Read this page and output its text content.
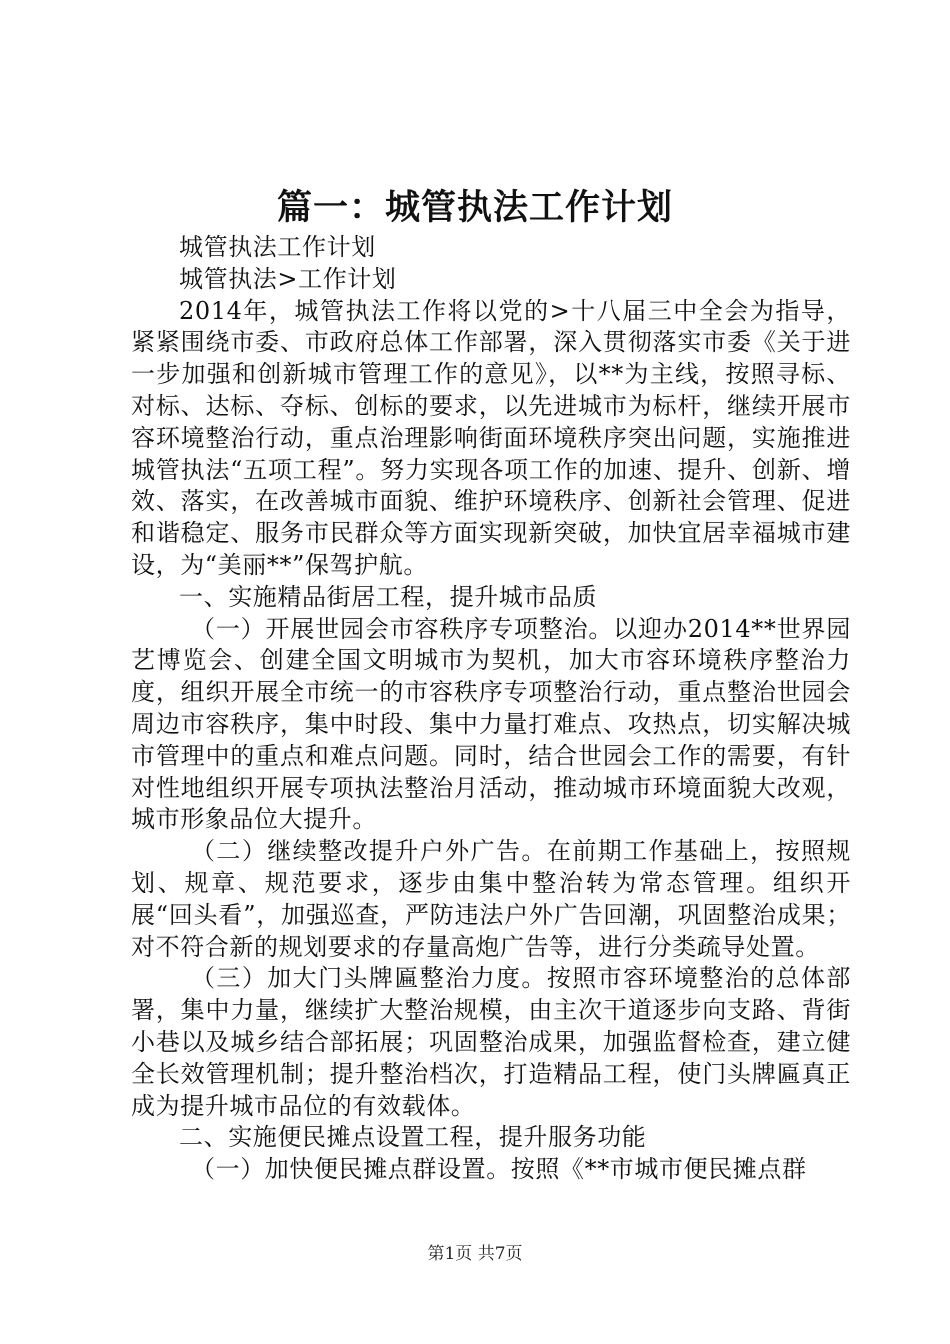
篇一：城管执法工作计划

城管执法工作计划

城管执法>工作计划

2014年，城管执法工作将以党的>十八届三中全会为指导，紧紧围绕市委、市政府总体工作部署，深入贯彻落实市委《关于进一步加强和创新城市管理工作的意见》，以**为主线，按照寻标、对标、达标、夺标、创标的要求，以先进城市为标杆，继续开展市容环境整治行动，重点治理影响街面环境秩序突出问题，实施推进城管执法“五项工程”。努力实现各项工作的加速、提升、创新、增效、落实，在改善城市面貌、维护环境秩序、创新社会管理、促进和谐稳定、服务市民群众等方面实现新突破，加快宜居幸福城市建设，为“美丽**”保驾护航。

一、实施精品街居工程，提升城市品质

（一）开展世园会市容秩序专项整治。以迎办2014**世界园艺博览会、创建全国文明城市为契机，加大市容环境秩序整治力度，组织开展全市统一的市容秩序专项整治行动，重点整治世园会周边市容秩序，集中时段、集中力量打难点、攻热点，切实解决城市管理中的重点和难点问题。同时，结合世园会工作的需要，有针对性地组织开展专项执法整治月活动，推动城市环境面貌大改观，城市形象品位大提升。

（二）继续整改提升户外广告。在前期工作基础上，按照规划、规章、规范要求，逐步由集中整治转为常态管理。组织开展“回头看”，加强巡查，严防违法户外广告回潮，巩固整治成果；对不符合新的规划要求的存量高炮广告等，进行分类疏导处置。

（三）加大门头牌匾整治力度。按照市容环境整治的总体部署，集中力量，继续扩大整治规模，由主次干道逐步向支路、背街小巷以及城乡结合部拓展；巩固整治成果，加强监督检查，建立健全长效管理机制；提升整治档次，打造精品工程，使门头牌匾真正成为提升城市品位的有效载体。

二、实施便民摊点设置工程，提升服务功能

（一）加快便民摊点群设置。按照《**市城市便民摊点群

第1页 共7页
